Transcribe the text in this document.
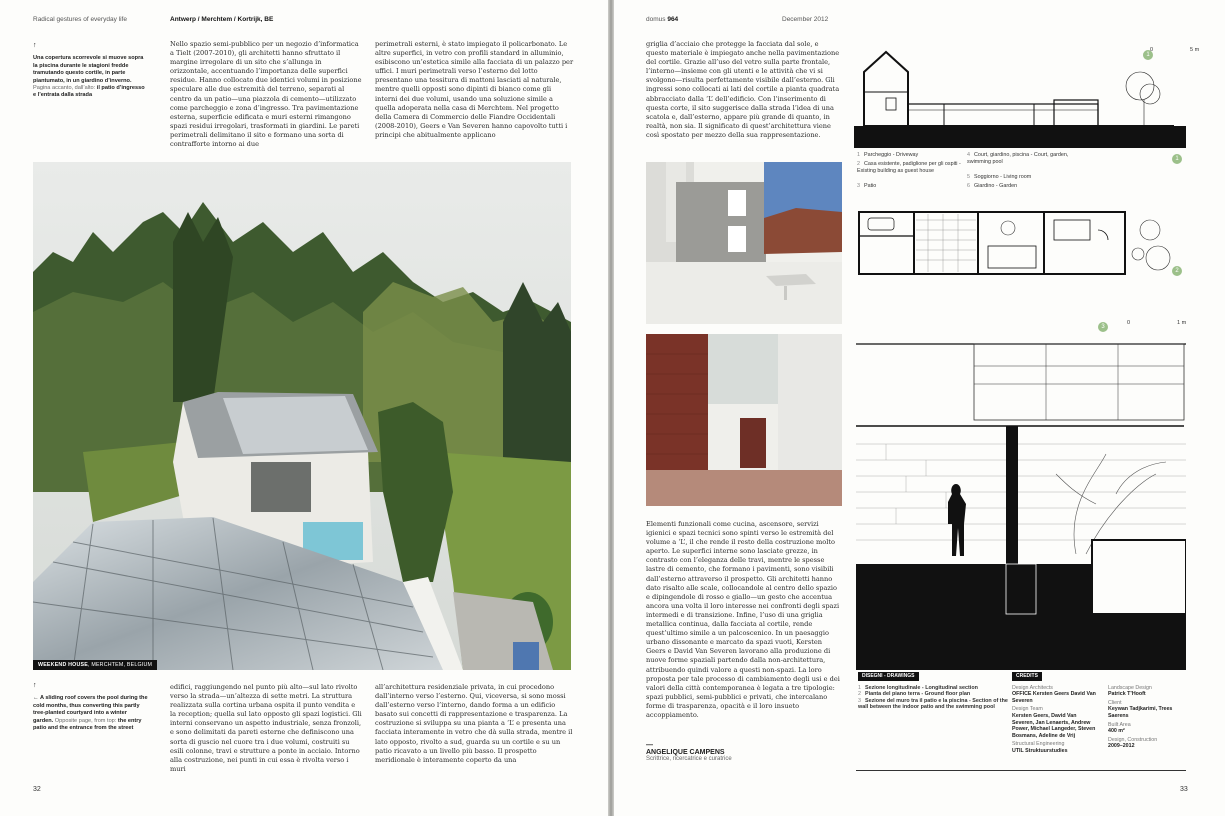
Radical gestures of everyday life	Antwerp / Merchtem / Kortrijk, BE
↑
Una copertura scorrevole si muove sopra la piscina durante le stagioni fredde tramutando questo cortile, in parte piantumato, in un giardino d’inverno. Pagina accanto, dall’alto: il patio d’ingresso e l’entrata dalla strada

Nello spazio semi-pubblico per un negozio d’informatica a Tielt (2007-2010), gli architetti hanno sfruttato il margine irregolare di un sito che s’allunga in orizzontale, accentuando l’importanza delle superfici residue. Hanno collocato due identici volumi in posizione speculare alle due estremità del terreno, separati al centro da un patio—una piazzola di cemento—utilizzato come parcheggio e zona d’ingresso. Tra pavimentazione esterna, superficie edificata e muri esterni rimangono spazi residui irregolari, trasformati in giardini. Le pareti perimetrali delimitano il sito e formano una sorta di contrafforte intorno ai due

perimetrali esterni, è stato impiegato il policarbonato. Le altre superfici, in vetro con profili standard in alluminio, esibiscono un’estetica simile alla facciata di un palazzo per uffici. I muri perimetrali verso l’esterno del lotto presentano una tessitura di mattoni lasciati al naturale, mentre quelli opposti sono dipinti di bianco come gli interni dei due volumi, usando una soluzione simile a quella adoperata nella casa di Merchtem. Nel progetto della Camera di Commercio delle Fiandre Occidentali (2008-2010), Geers e Van Severen hanno capovolto tutti i principi che abitualmente applicano

WEEKEND HOUSE, MERCHTEM, BELGIUM
↑
← A sliding roof covers the pool during the cold months, thus converting this partly tree-planted courtyard into a winter garden. Opposite page, from top: the entry patio and the entrance from the street

edifici, raggiungendo nel punto più alto—sul lato rivolto verso la strada—un’altezza di sette metri. La struttura realizzata sulla cortina urbana ospita il punto vendita e la reception; quella sul lato opposto gli spazi logistici. Gli interni conservano un aspetto industriale, senza fronzoli, e sono delimitati da pareti esterne che definiscono una sorta di guscio nel cuore tra i due volumi, costruiti su esili colonne, travi e strutture a ponte in acciaio. Intorno alla costruzione, nei punti in cui essa è rivolta verso i muri

all’architettura residenziale privata, in cui procedono dall’interno verso l’esterno. Qui, viceversa, si sono mossi dall’esterno verso l’interno, dando forma a un edificio basato sui concetti di rappresentazione e trasparenza. La costruzione si sviluppa su una pianta a ‘L’ e presenta una facciata interamente in vetro che dà sulla strada, mentre il lato opposto, rivolto a sud, guarda su un cortile e su un patio ricavato a un livello più basso. Il prospetto meridionale è interamente coperto da una

32
domus 964	December 2012

griglia d’acciaio che protegge la facciata dal sole, e questo materiale è impiegato anche nella pavimentazione del cortile. Grazie all’uso del vetro sulla parte frontale, l’interno—insieme con gli utenti e le attività che vi si svolgono—risulta perfettamente visibile dall’esterno. Gli ingressi sono collocati ai lati del cortile a pianta quadrata abbracciato dalla ‘L’ dell’edificio. Con l’inserimento di questa corte, il sito suggerisce dalla strada l’idea di una scatola e, dall’esterno, appare più grande di quanto, in realtà, non sia. Il significato di quest’architettura viene così spostato per mezzo della sua rappresentazione.

Elementi funzionali come cucina, ascensore, servizi igienici e spazi tecnici sono spinti verso le estremità del volume a ‘L’, il che rende il resto della costruzione molto aperto. Le superfici interne sono lasciate grezze, in contrasto con l’eleganza delle travi, mentre le spesse lastre di cemento, che formano i pavimenti, sono visibili dall’esterno attraverso il prospetto. Gli architetti hanno dato risalto alle scale, collocandole al centro dello spazio e dipingendole di rosso e giallo—un gesto che accentua ancora una volta il loro interesse nei confronti degli spazi intermedi e di transizione. Infine, l’uso di una griglia metallica continua, dalla facciata al cortile, rende quest’ultimo simile a un palcoscenico. In un paesaggio urbano dissonante e marcato da spazi vuoti, Kersten Geers e David Van Severen lavorano alla produzione di nuove forme spaziali partendo dalla non-architettura, attribuendo quindi valore a questi non-spazi. La loro proposta per tale processo di cambiamento degli usi e dei valori della città contemporanea è legata a tre tipologie: spazi pubblici, semi-pubblici e privati, che intercalano forme di trasparenza, opacità e il loro insueto accoppiamento.

—
ANGELIQUE CAMPENS
Scrittrice, ricercatrice e curatrice
1
0	5 m
1 Parcheggio - Driveway
2 Casa esistente, padiglione per gli ospiti - Existing building as guest house
3 Patio
4 Court, giardino, piscina - Court, garden, swimming pool
5 Soggiorno - Living room
6 Giardino - Garden
1
2
3
0	1 m
DISEGNI - DRAWINGS
1 Sezione longitudinale - Longitudinal section
2 Pianta del piano terra - Ground floor plan
3 Sezione del muro tra il patio e la piscina - Section of the wall between the indoor patio and the swimming pool
CREDITS
Design Architects
OFFICE Kersten Geers David Van Severen
Design Team
Kersten Geers, David Van Severen, Jan Lenaerts, Andrew Power, Michael Langeder, Steven Bosmans, Adeline de Vrij
Structural Engineering
UTIL Struktuurstudies
Landscape Design
Patrick T’Hooft
Client
Keywan Tadjkarimi, Trees Saerens
Built Area
400 m²
Design, Construction
2009–2012
33
